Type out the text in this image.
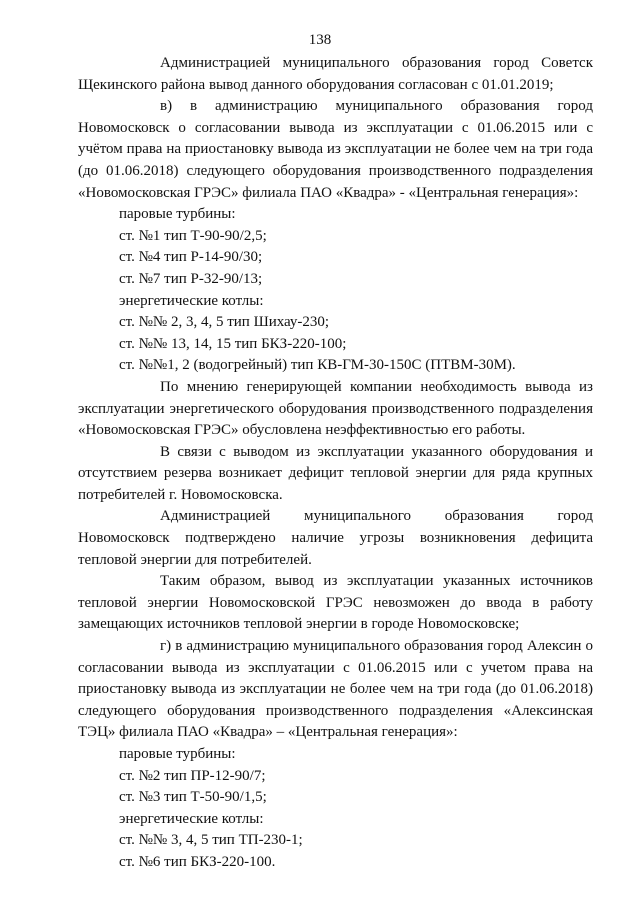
138

Администрацией муниципального образования город Советск

Щекинского района вывод данного оборудования согласован с 01.01.2019;

в) в администрацию муниципального образования город Новомосковск о согласовании вывода из эксплуатации с 01.06.2015 или с учётом права на приостановку вывода из эксплуатации не более чем на три года (до 01.06.2018) следующего оборудования производственного подразделения «Новомосковская ГРЭС» филиала ПАО «Квадра» - «Центральная генерация»:

паровые турбины:

ст. №1 тип Т-90-90/2,5;

ст. №4 тип Р-14-90/30;

ст. №7 тип Р-32-90/13;

энергетические котлы:

ст. №№ 2, 3, 4, 5 тип Шихау-230;

ст. №№ 13, 14, 15 тип БКЗ-220-100;

ст. №№1, 2 (водогрейный) тип КВ-ГМ-30-150С (ПТВМ-30М).

По мнению генерирующей компании необходимость вывода из эксплуатации энергетического оборудования производственного подразделения «Новомосковская ГРЭС» обусловлена неэффективностью его работы.

В связи с выводом из эксплуатации указанного оборудования и отсутствием резерва возникает дефицит тепловой энергии для ряда крупных потребителей г. Новомосковска.

Администрацией муниципального образования город Новомосковск подтверждено наличие угрозы возникновения дефицита тепловой энергии для потребителей.

Таким образом, вывод из эксплуатации указанных источников тепловой энергии Новомосковской ГРЭС невозможен до ввода в работу замещающих источников тепловой энергии в городе Новомосковске;

г) в администрацию муниципального образования город Алексин о согласовании вывода из эксплуатации с 01.06.2015 или с учетом права на приостановку вывода из эксплуатации не более чем на три года (до 01.06.2018) следующего оборудования производственного подразделения «Алексинская ТЭЦ» филиала ПАО «Квадра» – «Центральная генерация»:

паровые турбины:

ст. №2 тип ПР-12-90/7;

ст. №3 тип Т-50-90/1,5;

энергетические котлы:

ст. №№ 3, 4, 5 тип ТП-230-1;

ст. №6 тип БКЗ-220-100.
